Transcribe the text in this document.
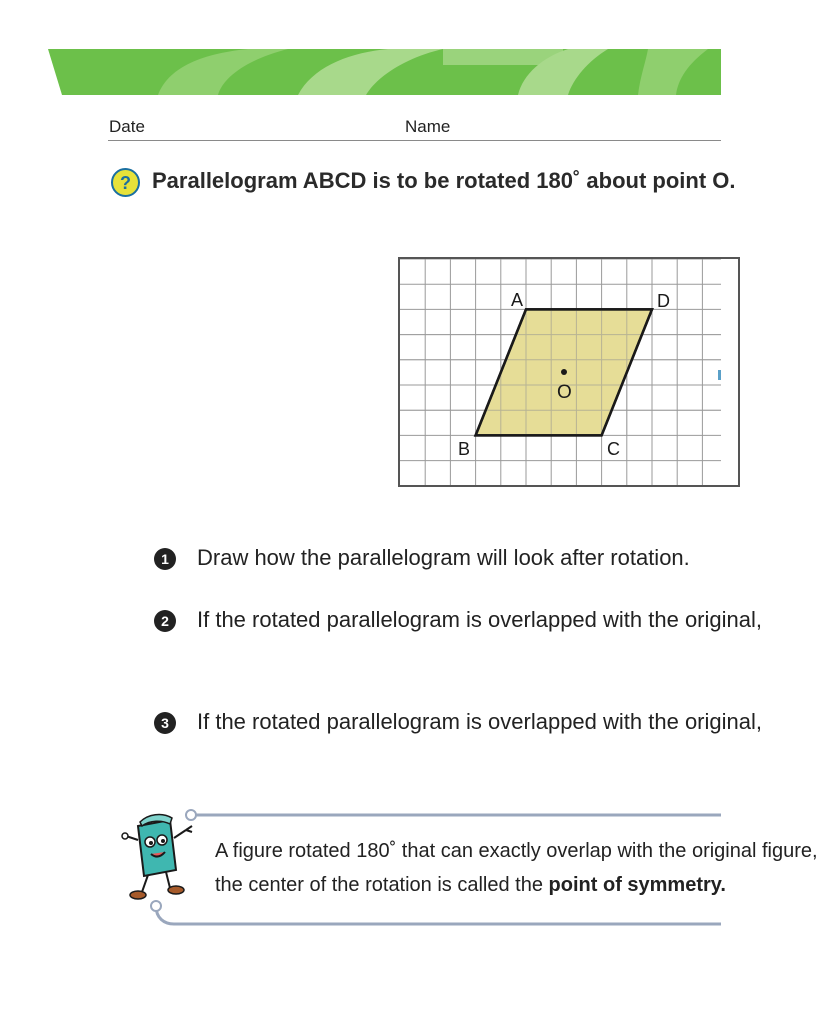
Date	Name
? Parallelogram ABCD is to be rotated 180˚ about point O.
A	D
O
B	C
1	Draw how the parallelogram will look after rotation.
2	If the rotated parallelogram is overlapped with the original,
3	If the rotated parallelogram is overlapped with the original,
A figure rotated 180˚ that can exactly overlap with the original figure,
the center of the rotation is called the point of symmetry.
